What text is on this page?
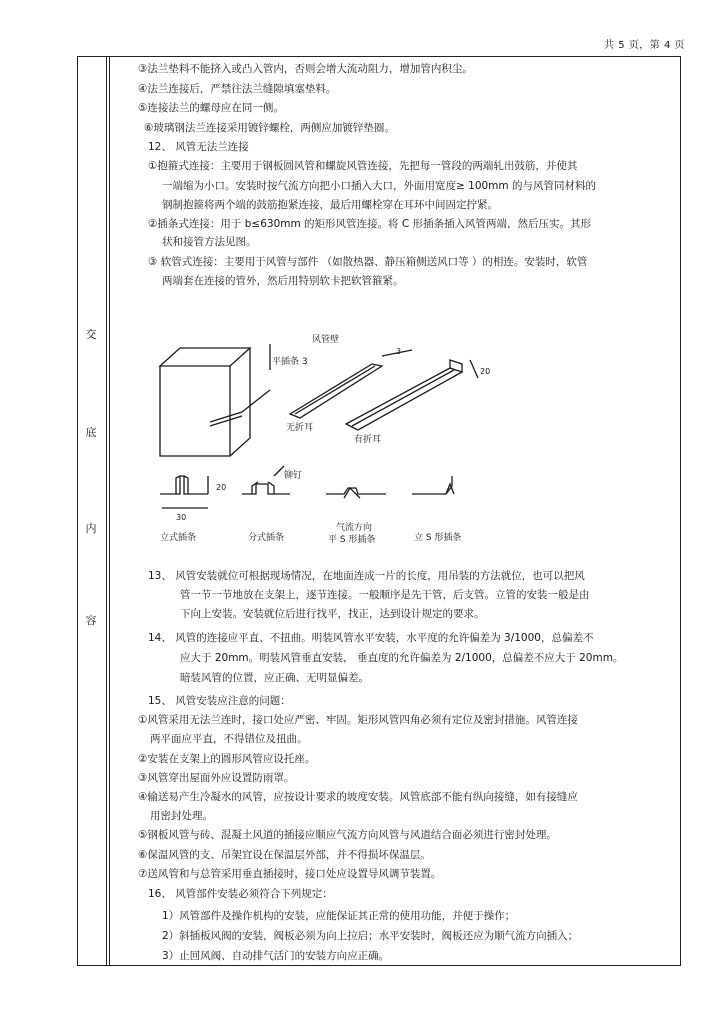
共 5 页，第 4 页
交
底
内
容
③法兰垫料不能挤入或凸入管内，否则会增大流动阻力，增加管内积尘。
④法兰连接后，严禁往法兰缝隙填塞垫料。
⑤连接法兰的螺母应在同一侧。
⑥玻璃钢法兰连接采用镀锌螺栓，两侧应加镀锌垫圈。
12、 风管无法兰连接
①抱箍式连接：主要用于钢板圆风管和螺旋风管连接，先把每一管段的两端轧出鼓筋，并使其
一端缩为小口。安装时按气流方向把小口插入大口，外面用宽度≥ 100mm 的与风管同材料的
钢制抱箍将两个端的鼓筋抱紧连接，最后用螺栓穿在耳环中间固定拧紧。
②插条式连接：用于 b≤630mm 的矩形风管连接。将 C 形插条插入风管两端，然后压实。其形
状和接管方法见图。
③ 软管式连接：主要用于风管与部件 （如散热器、静压箱侧送风口等 ）的相连。安装时，软管
两端套在连接的管外，然后用特别软卡把软管箍紧。
风管壁
平插条 3
无折耳
有折耳
3
20
30
20
铆钉
立式插条	分式插条
气流方向
平 S 形插条	立 S 形插条
13、 风管安装就位可根据现场情况，在地面连成一片的长度，用吊装的方法就位，也可以把风
管一节一节地放在支架上，逐节连接。一般顺序是先干管，后支管。立管的安装一般是由
下向上安装。安装就位后进行找平，找正，达到设计规定的要求。
14、 风管的连接应平直、不扭曲。明装风管水平安装，水平度的允许偏差为 3/1000，总偏差不
应大于 20mm。明装风管垂直安装， 垂直度的允许偏差为 2/1000，总偏差不应大于 20mm。
暗装风管的位置，应正确、无明显偏差。
15、 风管安装应注意的问题：
①风管采用无法兰连时，接口处应严密、牢固。矩形风管四角必须有定位及密封措施。风管连接
两平面应平直，不得错位及扭曲。
②安装在支架上的圆形风管应设托座。
③风管穿出屋面外应设置防雨罩。
④输送易产生冷凝水的风管，应按设计要求的坡度安装。风管底部不能有纵向接缝，如有接缝应
用密封处理。
⑤钢板风管与砖、混凝土风道的插接应顺应气流方向风管与风道结合面必须进行密封处理。
⑥保温风管的支、吊架宜设在保温层外部，并不得损坏保温层。
⑦送风管和与总管采用垂直插接时，接口处应设置导风调节装置。
16、 风管部件安装必须符合下列规定：
1）风管部件及操作机构的安装，应能保证其正常的使用功能，并便于操作；
2）斜插板风阀的安装，阀板必须为向上拉启；水平安装时，阀板还应为顺气流方向插入；
3）止回风阀、自动排气活门的安装方向应正确。
